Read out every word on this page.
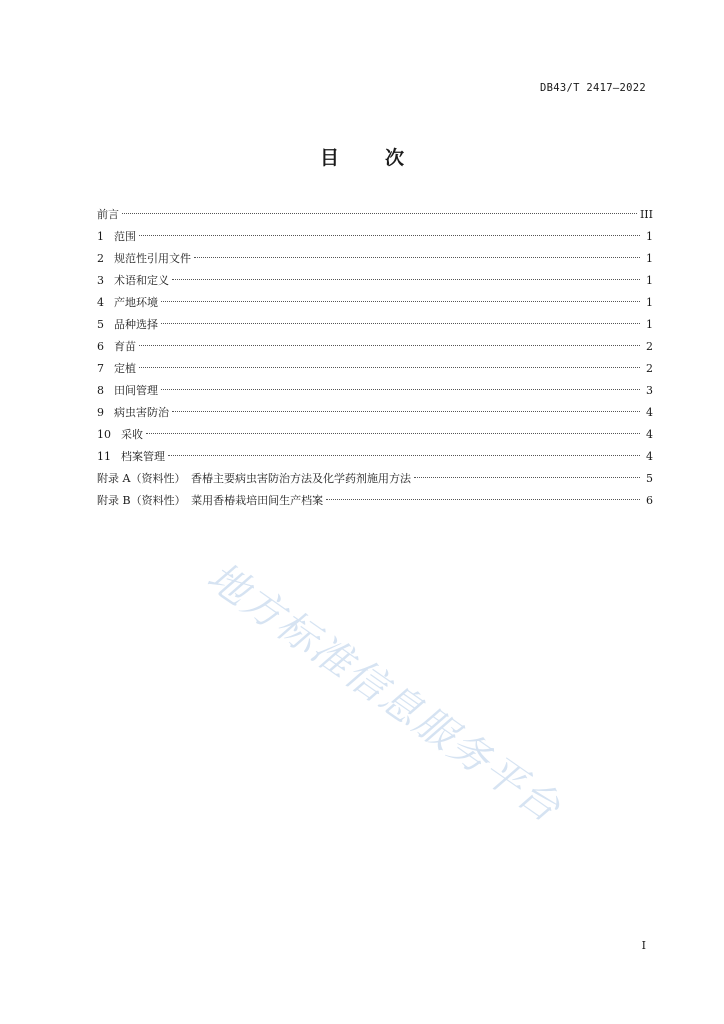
DB43/T 2417—2022
目次
前言	III
1 范围	1
2 规范性引用文件	1
3 术语和定义	1
4 产地环境	1
5 品种选择	1
6 育苗	2
7 定植	2
8 田间管理	3
9 病虫害防治	4
10 采收	4
11 档案管理	4
附录 A（资料性）　香椿主要病虫害防治方法及化学药剂施用方法	5
附录 B（资料性）　菜用香椿栽培田间生产档案	6
地方标准信息服务平台
I
